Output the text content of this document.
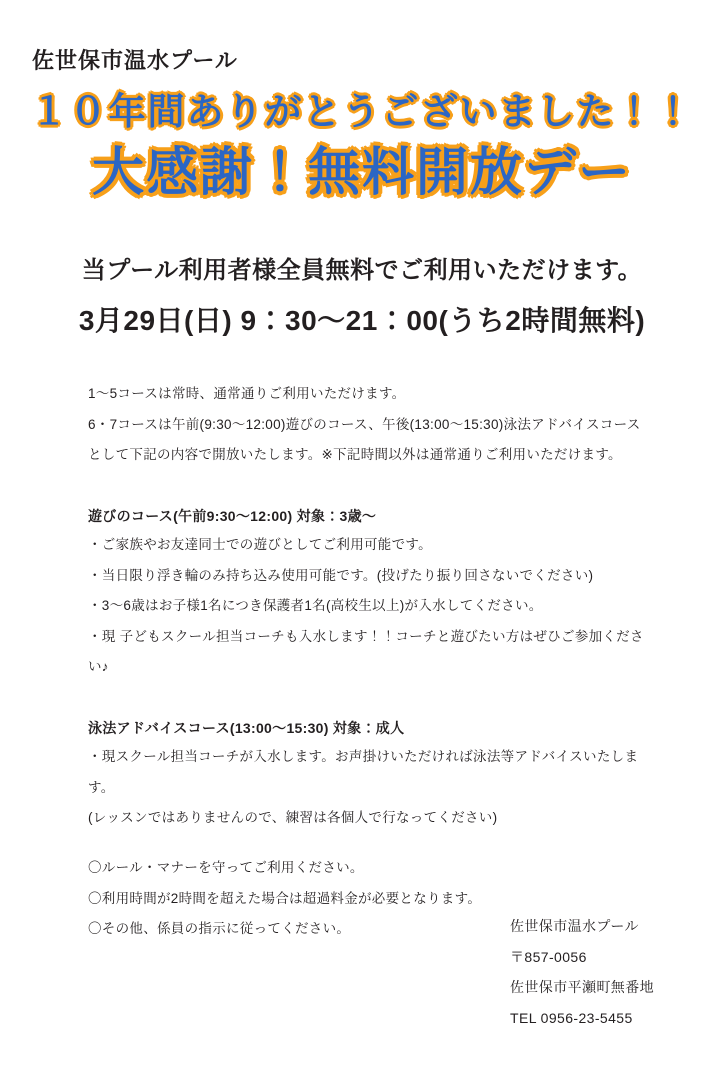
佐世保市温水プール
１０年間ありがとうございました！！
大感謝！無料開放デー
当プール利用者様全員無料でご利用いただけます。
3月29日(日) 9：30〜21：00(うち2時間無料)
1〜5コースは常時、通常通りご利用いただけます。
6・7コースは午前(9:30〜12:00)遊びのコース、午後(13:00〜15:30)泳法アドバイスコース
として下記の内容で開放いたします。※下記時間以外は通常通りご利用いただけます。
遊びのコース(午前9:30〜12:00) 対象：3歳〜
・ご家族やお友達同士での遊びとしてご利用可能です。
・当日限り浮き輪のみ持ち込み使用可能です。(投げたり振り回さないでください)
・3〜6歳はお子様1名につき保護者1名(高校生以上)が入水してください。
・現 子どもスクール担当コーチも入水します！！コーチと遊びたい方はぜひご参加ください♪
泳法アドバイスコース(13:00〜15:30) 対象：成人
・現スクール担当コーチが入水します。お声掛けいただければ泳法等アドバイスいたします。
(レッスンではありませんので、練習は各個人で行なってください)
〇ルール・マナーを守ってご利用ください。
〇利用時間が2時間を超えた場合は超過料金が必要となります。
〇その他、係員の指示に従ってください。	佐世保市温水プール
〒857-0056
佐世保市平瀬町無番地
TEL 0956-23-5455
